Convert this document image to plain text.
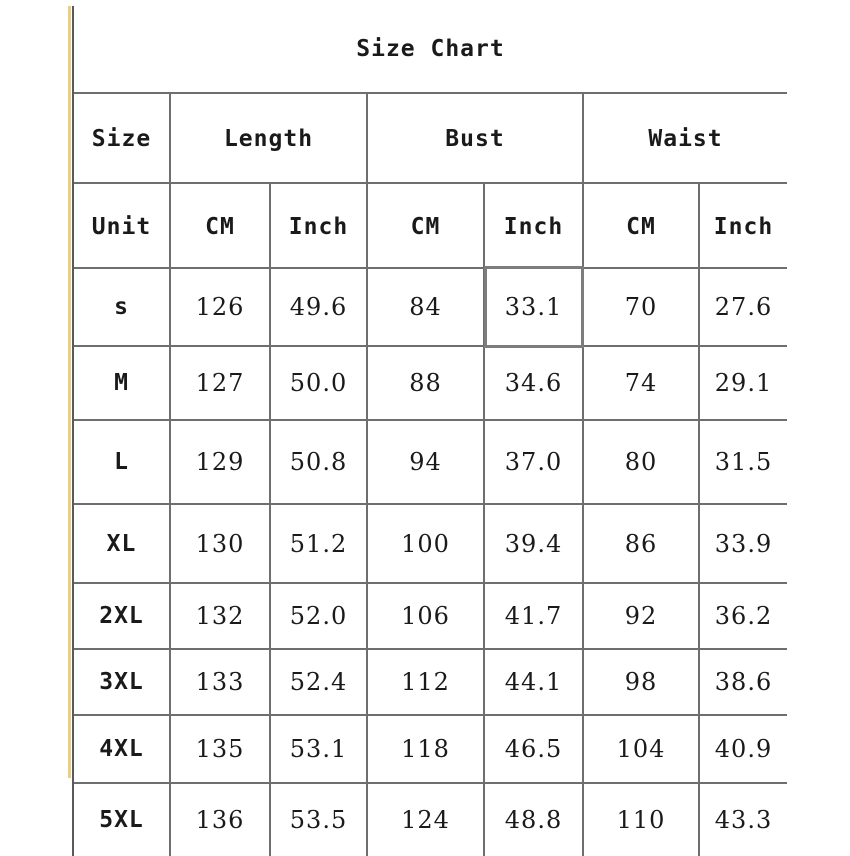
Size Chart
Size	Length	Bust	Waist
Unit	CM	Inch	CM	Inch	CM	Inch
s	126	49.6	84	33.1	70	27.6
M	127	50.0	88	34.6	74	29.1
L	129	50.8	94	37.0	80	31.5
XL	130	51.2	100	39.4	86	33.9
2XL	132	52.0	106	41.7	92	36.2
3XL	133	52.4	112	44.1	98	38.6
4XL	135	53.1	118	46.5	104	40.9
5XL	136	53.5	124	48.8	110	43.3
